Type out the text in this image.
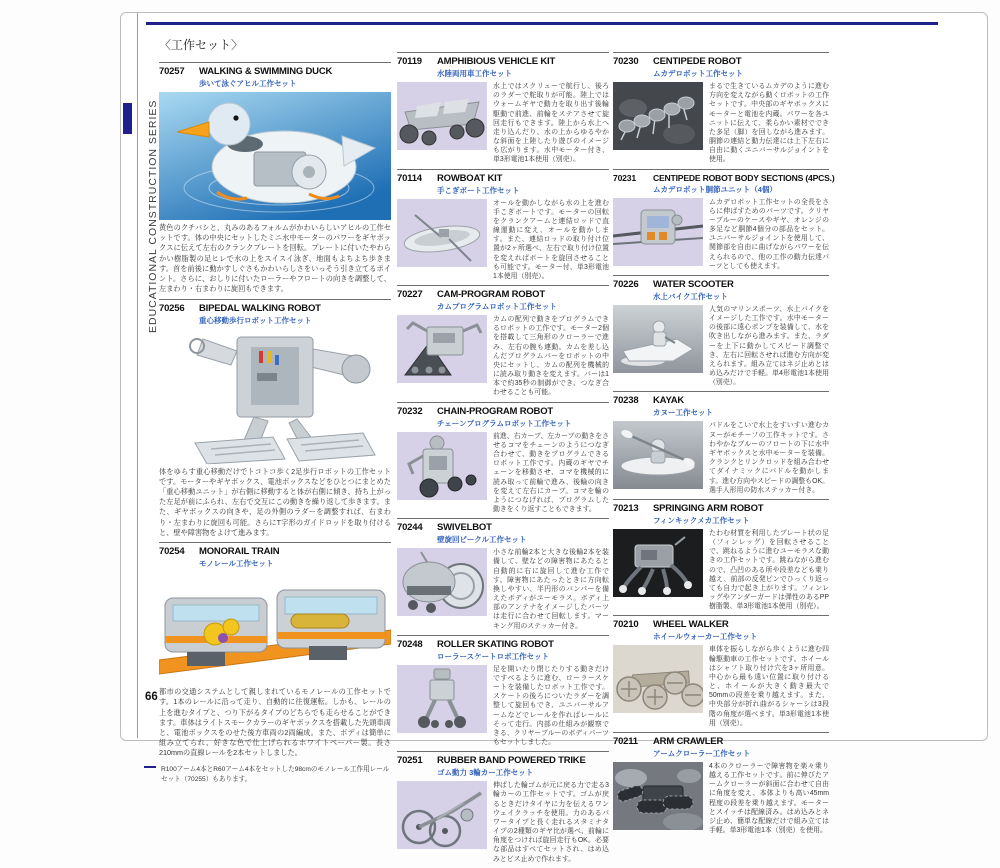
EDUCATIONAL CONSTRUCTION SERIES
〈工作セット〉
66
70257	WALKING & SWIMMING DUCK
歩いて泳ぐアヒル工作セット

黄色のクチバシと、丸みのあるフォルムがかわいらしいアヒルの工作セットです。体の中央にセットしたミニ水中モーターのパワーをギヤボックスに伝えて左右のクランクプレートを回転。プレートに付いたやわらかい樹脂製の足ヒレで水の上をスイスイ泳ぎ、地面もよちよち歩きます。首を前後に動かすしぐさもかわいらしさをいっそう引き立てるポイント。さらに、おしりに付いたローラーやフロートの向きを調整して、左まわり・右まわりに旋回もできます。

70256	BIPEDAL WALKING ROBOT
重心移動歩行ロボット工作セット

体をゆらす重心移動だけでトコトコ歩く2足歩行ロボットの工作セットです。モーターやギヤボックス、電池ボックスなどをひとつにまとめた「重心移動ユニット」が右側に移動すると体が右側に傾き、持ち上がった左足が前にふられ、左右で交互にこの動きを繰り返して歩きます。また、ギヤボックスの向きや、足の外側のラダーを調整すれば、右まわり・左まわりに旋回も可能。さらにT字形のガイドロッドを取り付けると、壁や障害物をよけて進みます。

70254	MONORAIL TRAIN
モノレール工作セット

都市の交通システムとして親しまれているモノレールの工作セットです。1本のレールに沿って走り、自動的に往復運転。しかも、レールの上を進むタイプと、つり下がるタイプのどちらでも走らせることができます。車体はライトスモークカラーのギヤボックスを搭載した先頭車両と、電池ボックスをのせた後方車両の2両編成。また、ボディは簡単に組み立てられ、好きな色で仕上げられるホワイトペーパー製。長さ210mmの直線レールを2本セットしました。

R100アーム4本とR60アーム4本をセットした98cmのモノレール工作用レールセット（70255）もあります。
70119	AMPHIBIOUS VEHICLE KIT
水陸両用車工作セット

水上ではスクリューで航行し、後ろのラダーで舵取りが可能。陸上ではウォームギヤで動力を取り出す後輪駆動で前進、前輪をステアさせて旋回走行もできます。陸上から水上へ走り込んだり、水の上からゆるやかな斜面を上陸したり遊びのイメージも広がります。水中モーター付き、単3形電池1本使用（別売）。

70114	ROWBOAT KIT
手こぎボート工作セット

オールを動かしながら水の上を進む手こぎボートです。モーターの回転をクランクアームと連結ロッドで直線運動に変え、オールを動かします。また、連結ロッドの取り付け位置が2ヶ所選べ、左右で取り付け位置を変えればボートを旋回させることも可能です。モーター付、単3形電池1本使用（別売）。

70227	CAM-PROGRAM ROBOT
カムプログラムロボット工作セット

カムの配列で動きをプログラムできるロボットの工作です。モーター2個を搭載して三角形のクローラーで進み、左右の腕も連動。カムを差し込んだプログラムバーをロボットの中央にセットし、カムの配列を機械的に読み取り動きを変えます。バーは1本で約35秒の制御ができ、つなぎ合わせることも可能。

70232	CHAIN-PROGRAM ROBOT
チェーンプログラムロボット工作セット

前進、右カーブ、左カーブの動きをさせるコマをチェーンのようにつなぎ合わせて、動きをプログラムできるロボット工作です。内蔵のギヤでチェーンを移動させ、コマを機械的に読み取って前輪で進み、後輪の向きを変えて左右にカーブ。コマを輪のようにつなげれば、プログラムした動きをくり返すこともできます。

70244	SWIVELBOT
壁旋回ビークル工作セット

小さな前輪2本と大きな後輪2本を装備して、壁などの障害物にあたると自動的に右に旋回して進む工作です。障害物にあたったときに方向転換しやすい、半円形のバンパーを備えたボディがユーモラス。ボディ上部のアンテナをイメージしたパーツは走行に合わせて回転します。マーキング用のステッカー付き。

70248	ROLLER SKATING ROBOT
ローラースケートロボ工作セット

足を開いたり閉じたりする動きだけですべるように進む、ローラースケートを装備したロボット工作です。スケートの後ろについたラダーを調整して旋回もでき、ユニバーサルアームなどでレールを作ればレールにそって走行。内部の仕組みが観察できる、クリヤーブルーのボディパーツもセットしました。

70251	RUBBER BAND POWERED TRIKE
ゴム動力 3輪カー工作セット

伸ばした輪ゴムが元に戻る力で走る3輪カーの工作セットです。ゴムが戻るときだけタイヤに力を伝えるワンウェイクラッチを使用。力のあるパワータイプと長く走れるスタミナタイプの2種類のギヤ比が選べ、前輪に角度をつければ旋回走行もOK。必要な部品はすべてセットされ、はめ込みとビス止めで作れます。

70230	CENTIPEDE ROBOT
ムカデロボット工作セット

まるで生きているムカデのように進む方向を変えながら動くロボットの工作セットです。中央部のギヤボックスにモーターと電池を内蔵。パワーを各ユニットに伝えて、柔らかい素材でできた多足（脚）を回しながら進みます。胴節の連結と動力伝達には上下左右に自由に動くユニバーサルジョイントを使用。

70231	CENTIPEDE ROBOT BODY SECTIONS (4PCS.)
ムカデロボット胴節ユニット（4個）

ムカデロボット工作セットの全長をさらに伸ばすためのパーツです。クリヤーブルーのケースやギヤ、オレンジの多足など胴節4個分の部品をセット。ユニバーサルジョイントを使用して、関節部を自由に曲げながらパワーを伝えられるので、他の工作の動力伝達パーツとしても使えます。

70226	WATER SCOOTER
水上バイク工作セット

人気のマリンスポーツ、水上バイクをイメージした工作です。水中モーターの後部に遠心ポンプを装備して、水を吹き出しながら進みます。また、ラダーを上下に動かしてスピード調整でき、左右に回転させれば進む方向が変えられます。組み立てはネジ止めとはめ込みだけで手軽。単4形電池1本使用（別売）。

70238	KAYAK
カヌー工作セット

パドルをこいで水上をすいすい進むカヌーがモチーフの工作キットです。さわやかなブルーのフロートの下に水中ギヤボックスと水中モーターを装備。クランクとリンクロッドを組み合わせてダイナミックにパドルを動かします。進む方向やスピードの調整もOK。選手人形用の防水ステッカー付き。

70213	SPRINGING ARM ROBOT
フィンキックメカ工作セット

たわむ材質を利用したプレート状の足（フィンレッグ）を回転させることで、跳ねるように進むユーモラスな動きの工作セットです。跳ねながら進むので、凸凹のある所や段差なども乗り越え、前部の反発ピンでひっくり返っても自力で起き上がります。フィンレッグやアンダーガードは弾性のあるPP樹脂製、単3形電池1本使用（別売）。

70210	WHEEL WALKER
ホイールウォーカー工作セット

車体を振らしながら歩くように進む四輪駆動車の工作セットです。ホイールはシャフト取り付け穴を3ヶ所用意。中心から最も遠い位置に取り付けると、ホイールが大きく動き最大で50mmの段差を乗り越えます。また、中央部分が折れ曲がるシャーシは3段階の角度が選べます。単3形電池1本使用（別売）。

70211	ARM CRAWLER
アームクローラー工作セット

4本のクローラーで障害物を楽々乗り越える工作セットです。前に伸びたアームクローラーが斜面に合わせて自由に角度を変え、本体よりも高い45mm程度の段差を乗り越えます。モーターとスイッチは配線済み。はめ込みとネジ止め、簡単な配線だけで組み立ては手軽。単3形電池1本（別売）を使用。
